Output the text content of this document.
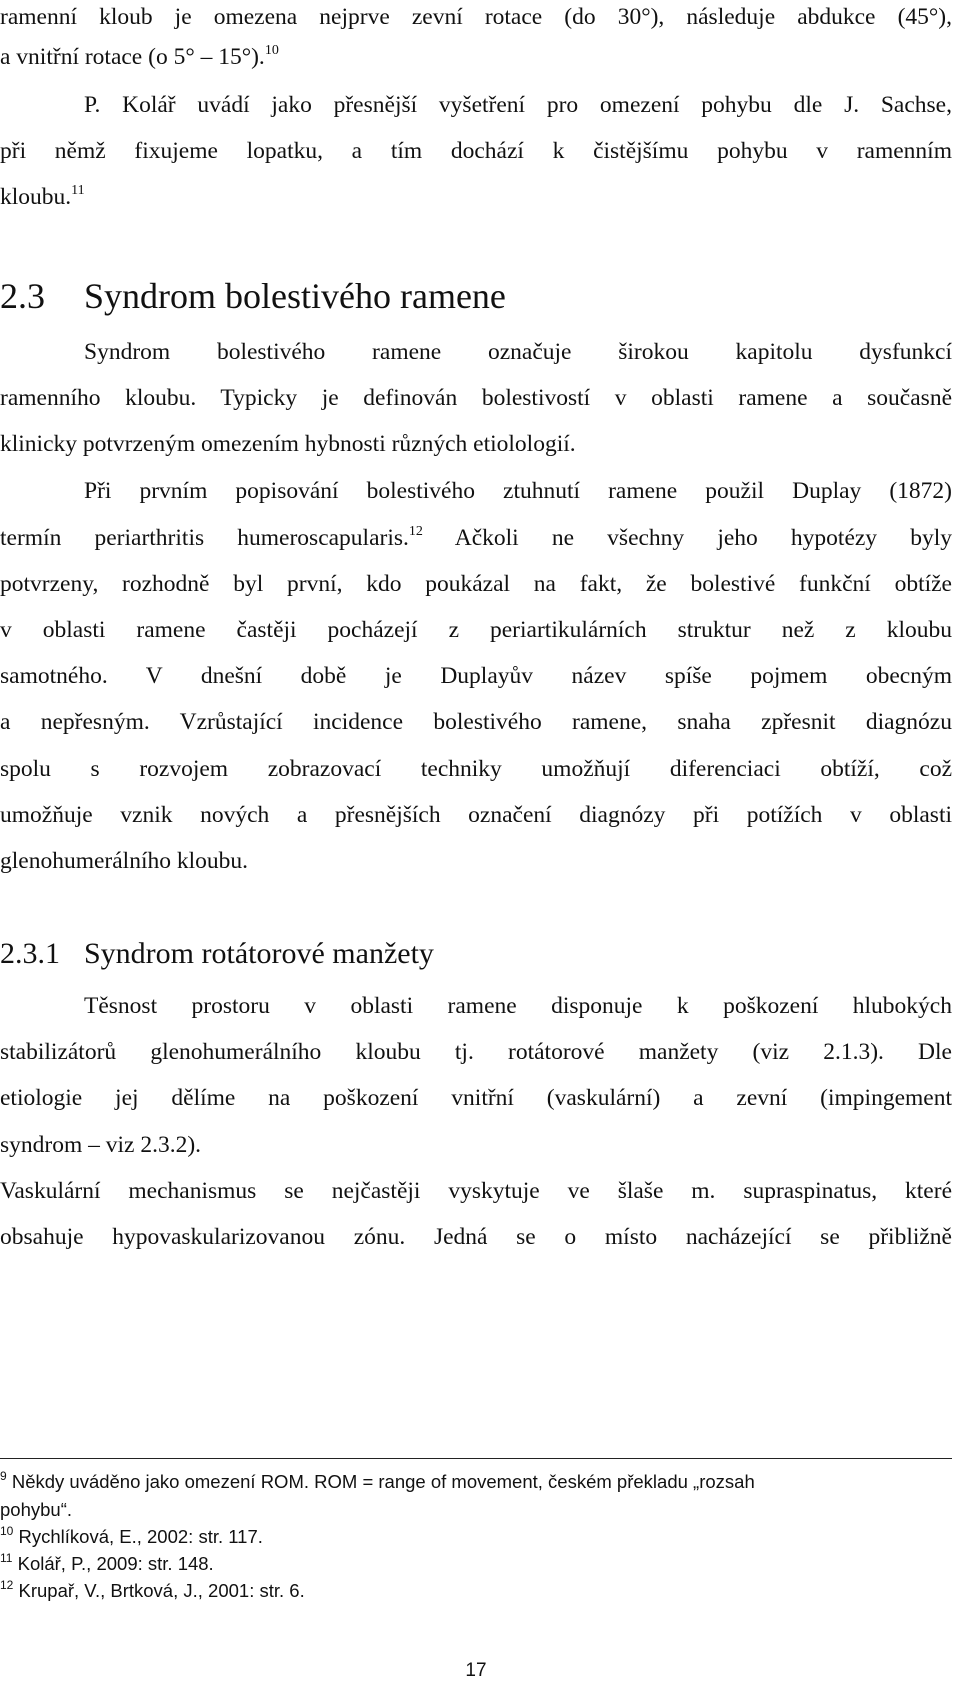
ramenní kloub je omezena nejprve zevní rotace (do 30°), následuje abdukce (45°),
a vnitřní rotace (o 5° – 15°).$^{10}$
P. Kolář uvádí jako přesnější vyšetření pro omezení pohybu dle J. Sachse,
při němž fixujeme lopatku, a tím dochází k čistějšímu pohybu v ramenním
kloubu.$^{11}$
2.3 Syndrom bolestivého ramene
Syndrom bolestivého ramene označuje širokou kapitolu dysfunkcí
ramenního kloubu. Typicky je definován bolestivostí v oblasti ramene a současně
klinicky potvrzeným omezením hybnosti různých etiolologií.
Při prvním popisování bolestivého ztuhnutí ramene použil Duplay (1872)
termín periarthritis humeroscapularis.$^{12}$ Ačkoli ne všechny jeho hypotézy byly
potvrzeny, rozhodně byl první, kdo poukázal na fakt, že bolestivé funkční obtíže
v oblasti ramene častěji pocházejí z periartikulárních struktur než z kloubu
samotného. V dnešní době je Duplayův název spíše pojmem obecným
a nepřesným. Vzrůstající incidence bolestivého ramene, snaha zpřesnit diagnózu
spolu s rozvojem zobrazovací techniky umožňují diferenciaci obtíží, což
umožňuje vznik nových a přesnějších označení diagnózy při potížích v oblasti
glenohumerálního kloubu.
2.3.1 Syndrom rotátorové manžety
Těsnost prostoru v oblasti ramene disponuje k poškození hlubokých
stabilizátorů glenohumerálního kloubu tj. rotátorové manžety (viz 2.1.3). Dle
etiologie jej dělíme na poškození vnitřní (vaskulární) a zevní (impingement
syndrom – viz 2.3.2).
Vaskulární mechanismus se nejčastěji vyskytuje ve šlaše m. supraspinatus, které
obsahuje hypovaskularizovanou zónu. Jedná se o místo nacházející se přibližně
$^9$ Někdy uváděno jako omezení ROM. ROM = range of movement, českém překladu „rozsah
pohybu“.
$^{10}$ Rychlíková, E., 2002: str. 117.
$^{11}$ Kolář, P., 2009: str. 148.
$^{12}$ Krupař, V., Brtková, J., 2001: str. 6.
17
